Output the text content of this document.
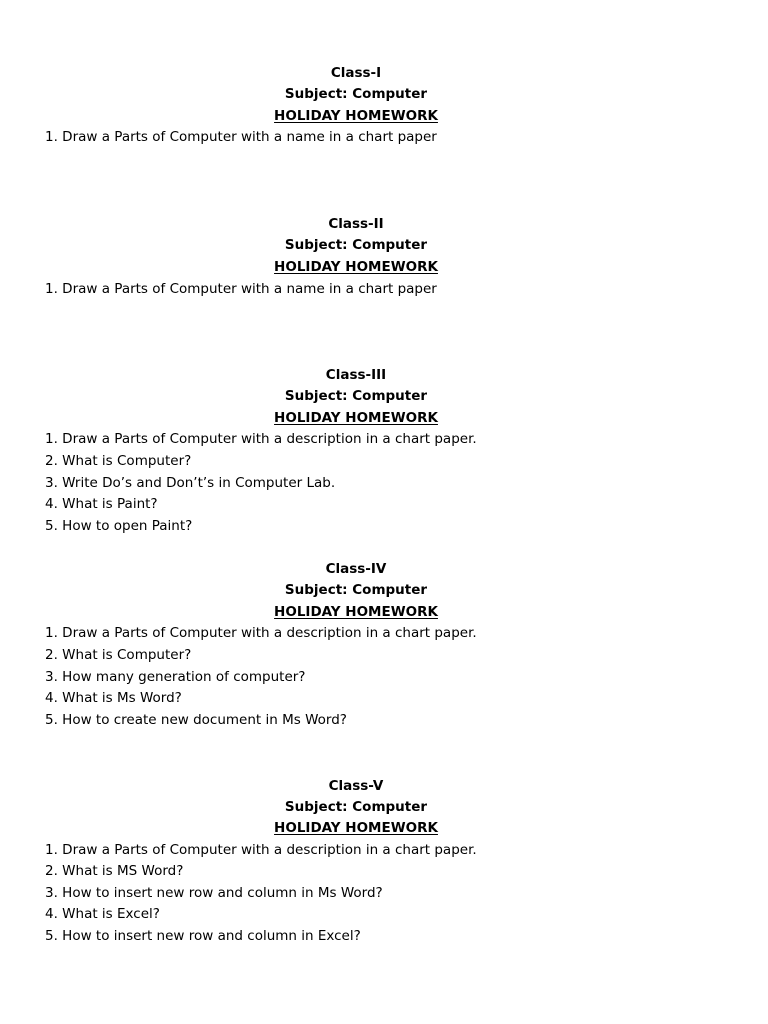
Class-I
Subject: Computer
HOLIDAY HOMEWORK
1. Draw a Parts of Computer with a name in a chart paper
Class-II
Subject: Computer
HOLIDAY HOMEWORK
1. Draw a Parts of Computer with a name in a chart paper
Class-III
Subject: Computer
HOLIDAY HOMEWORK
1. Draw a Parts of Computer with a description in a chart paper.
2. What is Computer?
3. Write Do’s and Don’t’s in Computer Lab.
4. What is Paint?
5. How to open Paint?
Class-IV
Subject: Computer
HOLIDAY HOMEWORK
1. Draw a Parts of Computer with a description in a chart paper.
2. What is Computer?
3. How many generation of computer?
4. What is Ms Word?
5. How to create new document in Ms Word?
Class-V
Subject: Computer
HOLIDAY HOMEWORK
1. Draw a Parts of Computer with a description in a chart paper.
2. What is MS Word?
3. How to insert new row and column in Ms Word?
4. What is Excel?
5. How to insert new row and column in Excel?
